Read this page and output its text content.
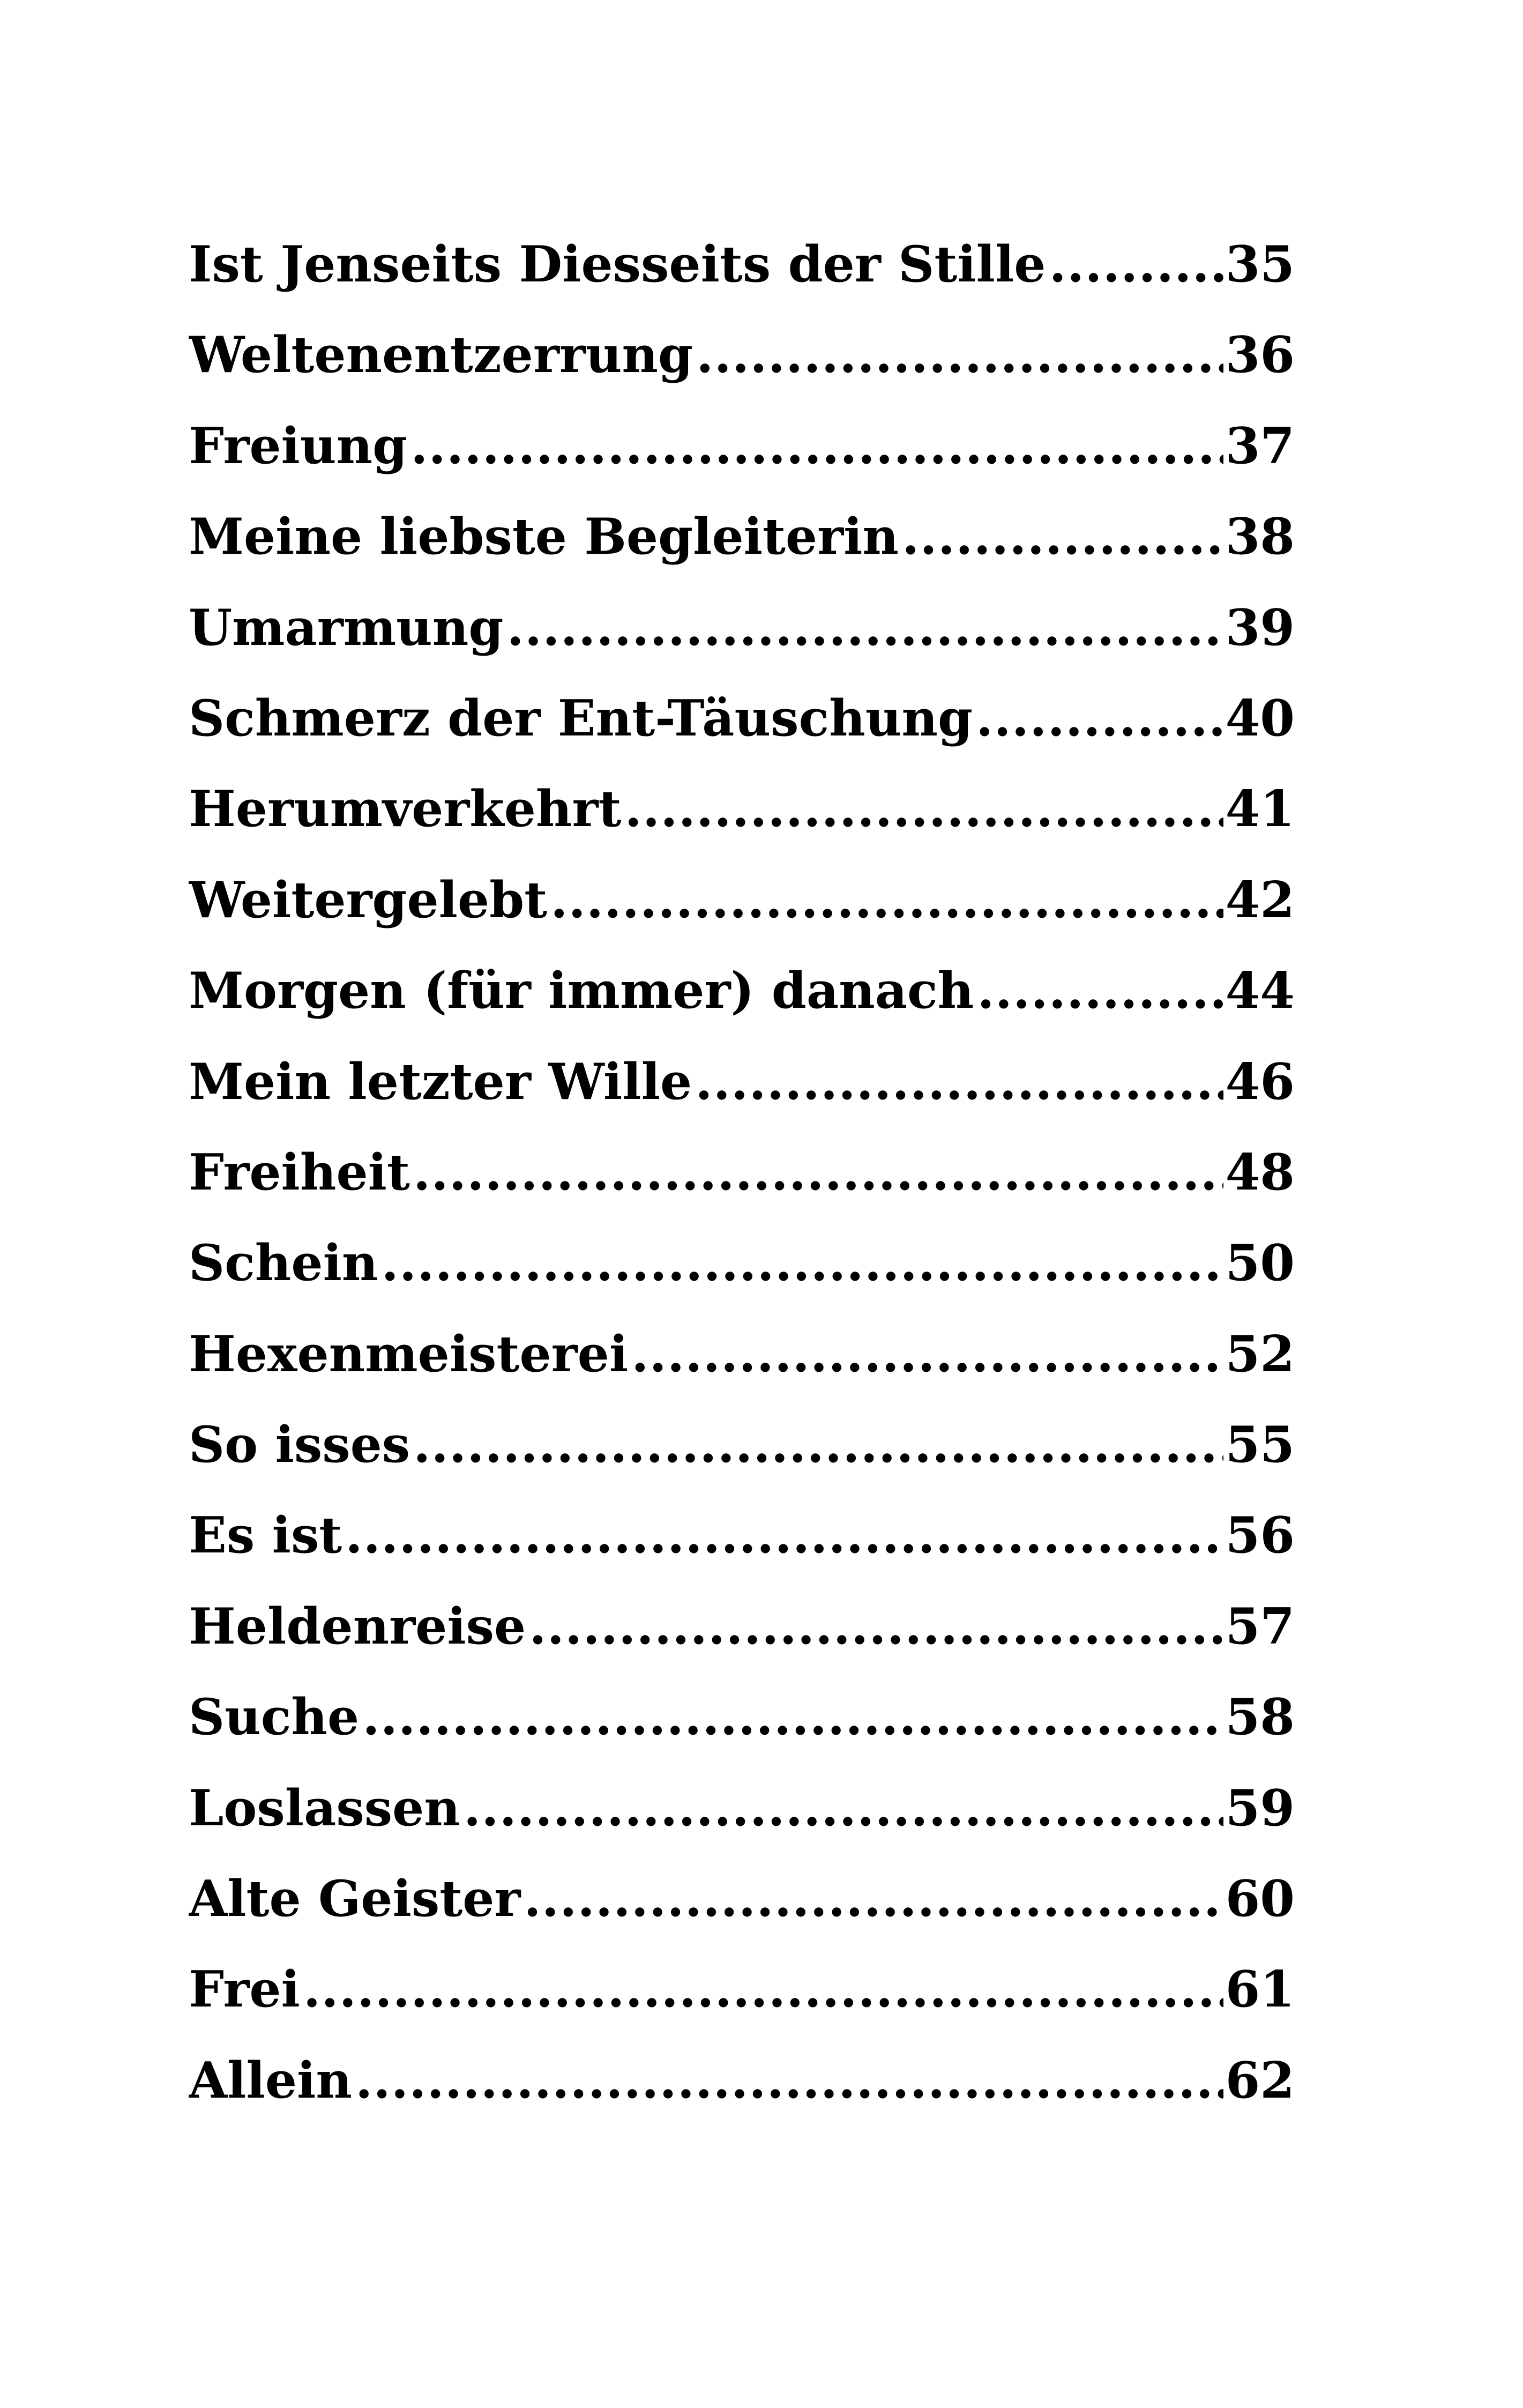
Ist Jenseits Diesseits der Stille .....	35
Weltenentzerrung .....	36
Freiung .....	37
Meine liebste Begleiterin .....	38
Umarmung .....	39
Schmerz der Ent-Täuschung .....	40
Herumverkehrt .....	41
Weitergelebt .....	42
Morgen (für immer) danach .....	44
Mein letzter Wille .....	46
Freiheit .....	48
Schein .....	50
Hexenmeisterei .....	52
So isses .....	55
Es ist .....	56
Heldenreise .....	57
Suche .....	58
Loslassen .....	59
Alte Geister .....	60
Frei .....	61
Allein .....	62
